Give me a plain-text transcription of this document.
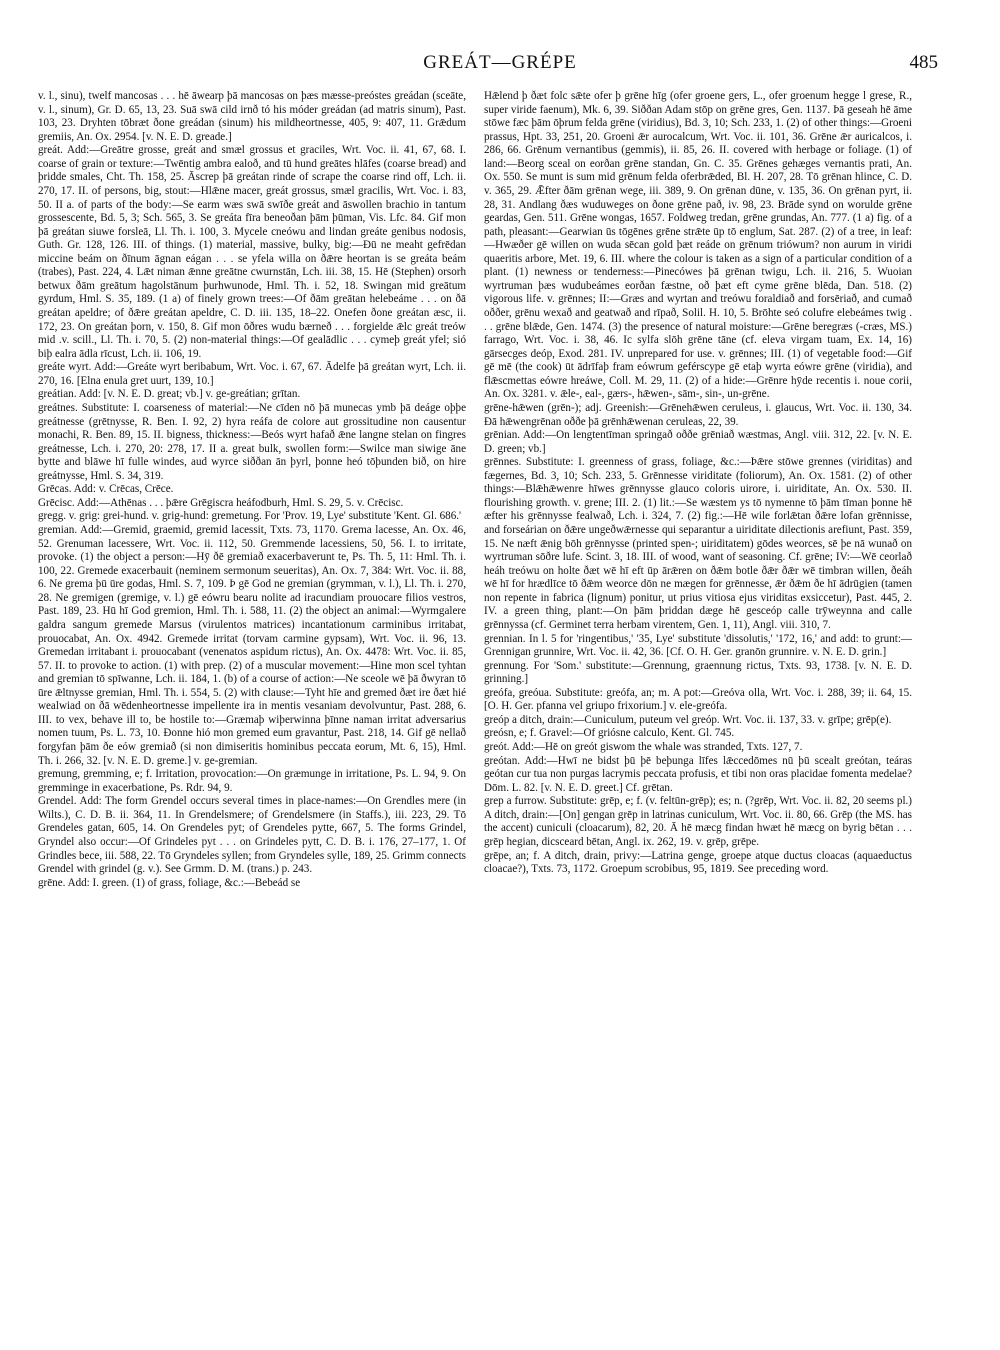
GREÁT—GRÉPE	485

v. l., sinu), twelf mancosas . . . hē āwearp þā mancosas on þæs mæsse-preóstes greádan (sceāte, v. l., sinum), Gr. D. 65, 13, 23. Suā swā cild irnð tó his móder greádan (ad matris sinum), Past. 103, 23. Dryhten tōbræt ðone greádan (sinum) his mildheortnesse, 405, 9: 407, 11. Grǣdum gremiis, An. Ox. 2954. [v. N. E. D. greade.]

greát. Add:—Greātre grosse, greát and smæl grossus et graciles, Wrt. Voc. ii. 41, 67, 68. I. coarse of grain or texture:—Twēntig ambra ealoð, and tū hund greātes hlāfes (coarse bread) and þridde smales, Cht. Th. 158, 25. Āscrep þā greátan rinde of scrape the coarse rind off, Lch. ii. 270, 17. II. of persons, big, stout:—Hlǣne macer, greát grossus, smæl gracilis, Wrt. Voc. i. 83, 50. II a. of parts of the body:—Se earm wæs swā swīðe greát and āswollen brachio in tantum grossescente, Bd. 5, 3; Sch. 565, 3. Se greáta fīra beneoðan þām þūman, Vis. Lfc. 84. Gif mon þā greátan siuwe forsleā, Ll. Th. i. 100, 3. Mycele cneówu and lindan greáte genibus nodosis, Guth. Gr. 128, 126. III. of things. (1) material, massive, bulky, big:—Ðū ne meaht gefrēdan miccine beám on ðīnum āgnan eágan . . . se yfela willa on ðǣre heortan is se greáta beám (trabes), Past. 224, 4. Lǣt niman ǣnne greātne cwurnstān, Lch. iii. 38, 15. Hē (Stephen) orsorh betwux ðām greātum hagolstānum þurhwunode, Hml. Th. i. 52, 18. Swingan mid greātum gyrdum, Hml. S. 35, 189. (1 a) of finely grown trees:—Of ðām greātan helebeáme . . . on ðā greátan apeldre; of ðǣre greátan apeldre, C. D. iii. 135, 18–22. Onefen ðone greátan æsc, ii. 172, 23. On greátan þorn, v. 150, 8. Gif mon ōðres wudu bærneð . . . forgielde ǣlc greát treów mid .v. scill., Ll. Th. i. 70, 5. (2) non-material things:—Of gealādlic . . . cymeþ greát yfel; sió biþ ealra ādla rīcust, Lch. ii. 106, 19.

greáte wyrt. Add:—Greáte wyrt beribabum, Wrt. Voc. i. 67, 67. Ādelfe þā greátan wyrt, Lch. ii. 270, 16. [Elna enula gret uurt, 139, 10.]

greátian. Add: [v. N. E. D. great; vb.] v. ge-greátian; grītan.

greátnes. Substitute: I. coarseness of material:—Ne cīden nō þā munecas ymb þā deáge oþþe greátnesse (grētnysse, R. Ben. I. 92, 2) hyra reáfa de colore aut grossitudine non causentur monachi, R. Ben. 89, 15. II. bigness, thickness:—Beós wyrt hafað ǣne langne stelan on fingres greátnesse, Lch. i. 270, 20: 278, 17. II a. great bulk, swollen form:—Swilce man siwige āne bytte and blāwe hī fulle windes, aud wyrce siððan ān þyrl, þonne heó tōþunden bið, on hire greátnysse, Hml. S. 34, 319.

Grēcas. Add: v. Crēcas, Crēce.

Grēcisc. Add:—Athēnas . . . þǣre Grēgiscra heáfodburh, Hml. S. 29, 5. v. Crēcisc.

gregg. v. grig: grei-hund. v. grig-hund: gremetung. For 'Prov. 19, Lye' substitute 'Kent. Gl. 686.'

gremian. Add:—Gremid, graemid, gremid lacessit, Txts. 73, 1170. Grema lacesse, An. Ox. 46, 52. Grenuman lacessere, Wrt. Voc. ii. 112, 50. Gremmende lacessiens, 50, 56. I. to irritate, provoke. (1) the object a person:—Hȳ ðē gremiað exacerbaverunt te, Ps. Th. 5, 11: Hml. Th. i. 100, 22. Gremede exacerbauit (neminem sermonum seueritas), An. Ox. 7, 384: Wrt. Voc. ii. 88, 6. Ne grema þū ūre godas, Hml. S. 7, 109. Þ gē God ne gremian (grymman, v. l.), Ll. Th. i. 270, 28. Ne gremigen (gremige, v. l.) gē eówru bearu nolite ad iracundiam prouocare filios vestros, Past. 189, 23. Hū hī God gremion, Hml. Th. i. 588, 11. (2) the object an animal:—Wyrmgalere galdra sangum gremede Marsus (virulentos matrices) incantationum carminibus irritabat, prouocabat, An. Ox. 4942. Gremede irritat (torvam carmine gypsam), Wrt. Voc. ii. 96, 13. Gremedan irritabant i. prouocabant (venenatos aspidum rictus), An. Ox. 4478: Wrt. Voc. ii. 85, 57. II. to provoke to action. (1) with prep. (2) of a muscular movement:—Hine mon scel tyhtan and gremian tō spīwanne, Lch. ii. 184, 1. (b) of a course of action:—Ne sceole wē þā ðwyran tō ūre ǣltnysse gremian, Hml. Th. i. 554, 5. (2) with clause:—Tyht hīe and gremed ðæt ire ðæt hié wealwiad on ðā wēdenheortnesse impellente ira in mentis vesaniam devolvuntur, Past. 288, 6. III. to vex, behave ill to, be hostile to:—Græmaþ wiþerwinna þīnne naman irritat adversarius nomen tuum, Ps. L. 73, 10. Ðonne hió mon gremed eum gravantur, Past. 218, 14. Gif gē nellað forgyfan þām ðe eów gremiað (si non dimiseritis hominibus peccata eorum, Mt. 6, 15), Hml. Th. i. 266, 32. [v. N. E. D. greme.] v. ge-gremian.

gremung, gremming, e; f. Irritation, provocation:—On græmunge in irritatione, Ps. L. 94, 9. On gremminge in exacerbatione, Ps. Rdr. 94, 9.

Grendel. Add: The form Grendel occurs several times in place-names:—On Grendles mere (in Wilts.), C. D. B. ii. 364, 11. In Grendelsmere; of Grendelsmere (in Staffs.), iii. 223, 29. Tō Grendeles gatan, 605, 14. On Grendeles pyt; of Grendeles pytte, 667, 5. The forms Grindel, Gryndel also occur:—Of Grindeles pyt . . . on Grindeles pytt, C. D. B. i. 176, 27–177, 1. Of Grindles bece, iii. 588, 22. Tō Gryndeles syllen; from Gryndeles sylle, 189, 25. Grimm connects Grendel with grindel (g. v.). See Grmm. D. M. (trans.) p. 243.

grēne. Add: I. green. (1) of grass, foliage, &c.:—Bebeád se

Hǣlend þ ðæt folc sǣte ofer þ grēne hīg (ofer groene gers, L., ofer groenum hegge l grese, R., super viride faenum), Mk. 6, 39. Siððan Adam stōp on grēne gres, Gen. 1137. Þā geseah hē āme stōwe fæc þām ōþrum felda grēne (viridius), Bd. 3, 10; Sch. 233, 1. (2) of other things:—Groeni prassus, Hpt. 33, 251, 20. Groeni ǣr aurocalcum, Wrt. Voc. ii. 101, 36. Grēne ǣr auricalcos, i. 286, 66. Grēnum vernantibus (gemmis), ii. 85, 26. II. covered with herbage or foliage. (1) of land:—Beorg sceal on eorðan grēne standan, Gn. C. 35. Grēnes gehæges vernantis prati, An. Ox. 550. Se munt is sum mid grēnum felda oferbrǣded, Bl. H. 207, 28. Tō grēnan hlince, C. D. v. 365, 29. Ǣfter ðām grēnan wege, iii. 389, 9. On grēnan dūne, v. 135, 36. On grēnan pyrt, ii. 28, 31. Andlang ðæs wuduweges on ðone grēne pað, iv. 98, 23. Brāde synd on worulde grēne geardas, Gen. 511. Grēne wongas, 1657. Foldweg tredan, grēne grundas, An. 777. (1 a) fig. of a path, pleasant:—Gearwian ūs tōgēnes grēne strǣte ūp tō englum, Sat. 287. (2) of a tree, in leaf:—Hwæðer gē willen on wuda sēcan gold þæt reáde on grēnum triówum? non aurum in viridi quaeritis arbore, Met. 19, 6. III. where the colour is taken as a sign of a particular condition of a plant. (1) newness or tenderness:—Pinecówes þā grēnan twigu, Lch. ii. 216, 5. Wuoian wyrtruman þæs wudubeámes eorðan fæstne, oð þæt eft cyme grēne blēda, Dan. 518. (2) vigorous life. v. grēnnes; II:—Græs and wyrtan and treówu foraldiað and forsēriað, and cumað oððer, grēnu wexað and geatwað and rīpað, Solil. H. 10, 5. Brōhte seó colufre elebeámes twig . . . grēne blǣde, Gen. 1474. (3) the presence of natural moisture:—Grēne beregræs (-cræs, MS.) farrago, Wrt. Voc. i. 38, 46. Ic sylfa slōh grēne tāne (cf. eleva virgam tuam, Ex. 14, 16) gārsecges deóp, Exod. 281. IV. unprepared for use. v. grēnnes; III. (1) of vegetable food:—Gif gē mē (the cook) ūt ādrīfaþ fram eówrum geférscype gē etaþ wyrta eówre grēne (viridia), and flǣscmettas eówre hreáwe, Coll. M. 29, 11. (2) of a hide:—Grēnre hȳde recentis i. noue corii, An. Ox. 3281. v. ǣle-, eal-, gærs-, hǣwen-, sām-, sin-, un-grēne.

grēne-hǣwen (grēn-); adj. Greenish:—Grēnehǣwen ceruleus, i. glaucus, Wrt. Voc. ii. 130, 34. Ðā hǣwengrēnan oððe þā grēnhǣwenan ceruleas, 22, 39.

grēnian. Add:—On lengtentīman springað oððe grēniað wæstmas, Angl. viii. 312, 22. [v. N. E. D. green; vb.]

grēnnes. Substitute: I. greenness of grass, foliage, &c.:—Þǣre stōwe grennes (viriditas) and fægernes, Bd. 3, 10; Sch. 233, 5. Grēnnesse viriditate (foliorum), An. Ox. 1581. (2) of other things:—Blǣhǣwenre hīwes grēnnysse glauco coloris uirore, i. uiriditate, An. Ox. 530. II. flourishing growth. v. grene; III. 2. (1) lit.:—Se wæstem ys tō nymenne tō þām tīman þonne hē æfter his grēnnysse fealwað, Lch. i. 324, 7. (2) fig.:—Hē wile forlǣtan ðǣre lofan grēnnisse, and forseárian on ðǣre ungeðwǣrnesse qui separantur a uiriditate dilectionis arefiunt, Past. 359, 15. Ne næft ǣnig bōh grēnnysse (printed spen-; uiriditatem) gōdes weorces, sē þe nā wunað on wyrtruman sōðre lufe. Scint. 3, 18. III. of wood, want of seasoning. Cf. grēne; IV:—Wē ceorlað heáh treówu on holte ðæt wē hī eft ūp ārǣren on ðǣm botle ðǣr ðǣr wē timbran willen, ðeáh wē hī for hrædlīce tō ðǣm weorce dōn ne mægen for grēnnesse, ǣr ðǣm ðe hī ādrūgien (tamen non repente in fabrica (lignum) ponitur, ut prius vitiosa ejus viriditas exsiccetur), Past. 445, 2. IV. a green thing, plant:—On þām þriddan dæge hē gesceóp calle trȳweynna and calle grēnnyssa (cf. Germinet terra herbam virentem, Gen. 1, 11), Angl. viii. 310, 7.

grennian. In l. 5 for 'ringentibus,' '35, Lye' substitute 'dissolutis,' '172, 16,' and add: to grunt:—Grennigan grunnire, Wrt. Voc. ii. 42, 36. [Cf. O. H. Ger. granōn grunnire. v. N. E. D. grin.]

grennung. For 'Som.' substitute:—Grennung, graennung rictus, Txts. 93, 1738. [v. N. E. D. grinning.]

greófa, greóua. Substitute: greófa, an; m. A pot:—Greóva olla, Wrt. Voc. i. 288, 39; ii. 64, 15. [O. H. Ger. pfanna vel griupo frixorium.] v. ele-greófa.

greóp a ditch, drain:—Cuniculum, puteum vel greóp. Wrt. Voc. ii. 137, 33. v. grīpe; grēp(e).

greósn, e; f. Gravel:—Of griósne calculo, Kent. Gl. 745.

greót. Add:—Hē on greót giswom the whale was stranded, Txts. 127, 7.

greótan. Add:—Hwī ne bidst þū þē beþunga līfes lǣccedōmes nū þū scealt greótan, teáras geótan cur tua non purgas lacrymis peccata profusis, et tibi non oras placidae fomenta medelae? Dōm. L. 82. [v. N. E. D. greet.] Cf. grētan.

grep a furrow. Substitute: grēp, e; f. (v. feltūn-grēp); es; n. (?grēp, Wrt. Voc. ii. 82, 20 seems pl.) A ditch, drain:—[On] gengan grēp in latrinas cuniculum, Wrt. Voc. ii. 80, 66. Grēp (the MS. has the accent) cuniculi (cloacarum), 82, 20. Ā hē mæcg findan hwæt hē mæcg on byrig bētan . . . grēp hegian, dicsceard bētan, Angl. ix. 262, 19. v. grēp, grēpe.

grēpe, an; f. A ditch, drain, privy:—Latrina genge, groepe atque ductus cloacas (aquaeductus cloacae?), Txts. 73, 1172. Groepum scrobibus, 95, 1819. See preceding word.
